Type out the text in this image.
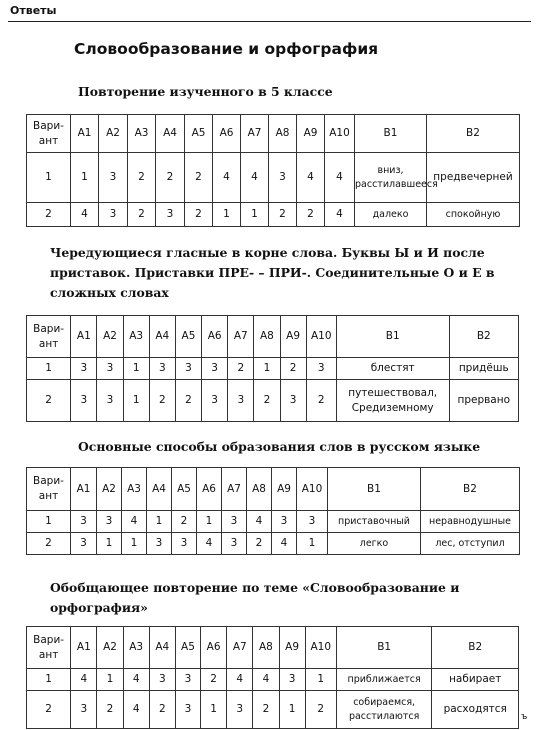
Ответы
Словообразование и орфография
Повторение изученного в 5 классе
Вари-
ант	А1	А2	А3	А4	А5	А6	А7	А8	А9	А10	В1	В2
1	1	3	2	2	2	4	4	3	4	4	вниз, расстилавшееся	предвечерней
2	4	3	2	3	2	1	1	2	2	4	далеко	спокойную
Чередующиеся гласные в корне слова. Буквы Ы и И после приставок. Приставки ПРЕ- – ПРИ-. Соединительные О и Е в сложных словах
Вари-
ант	А1	А2	А3	А4	А5	А6	А7	А8	А9	А10	В1	В2
1	3	3	1	3	3	3	2	1	2	3	блестят	придёшь
2	3	3	1	2	2	3	3	2	3	2	путешествовал, Средиземному	прервано
Основные способы образования слов в русском языке
Вари-
ант	А1	А2	А3	А4	А5	А6	А7	А8	А9	А10	В1	В2
1	3	3	4	1	2	1	3	4	3	3	приставочный	неравнодушные
2	3	1	1	3	3	4	3	2	4	1	легко	лес, отступил
Обобщающее повторение по теме «Словообразование и орфография»
Вари-
ант	А1	А2	А3	А4	А5	А6	А7	А8	А9	А10	В1	В2
1	4	1	4	3	3	2	4	4	3	1	приближается	набирает
2	3	2	4	2	3	1	3	2	1	2	собираемся, расстилаются	расходятся
ъ
